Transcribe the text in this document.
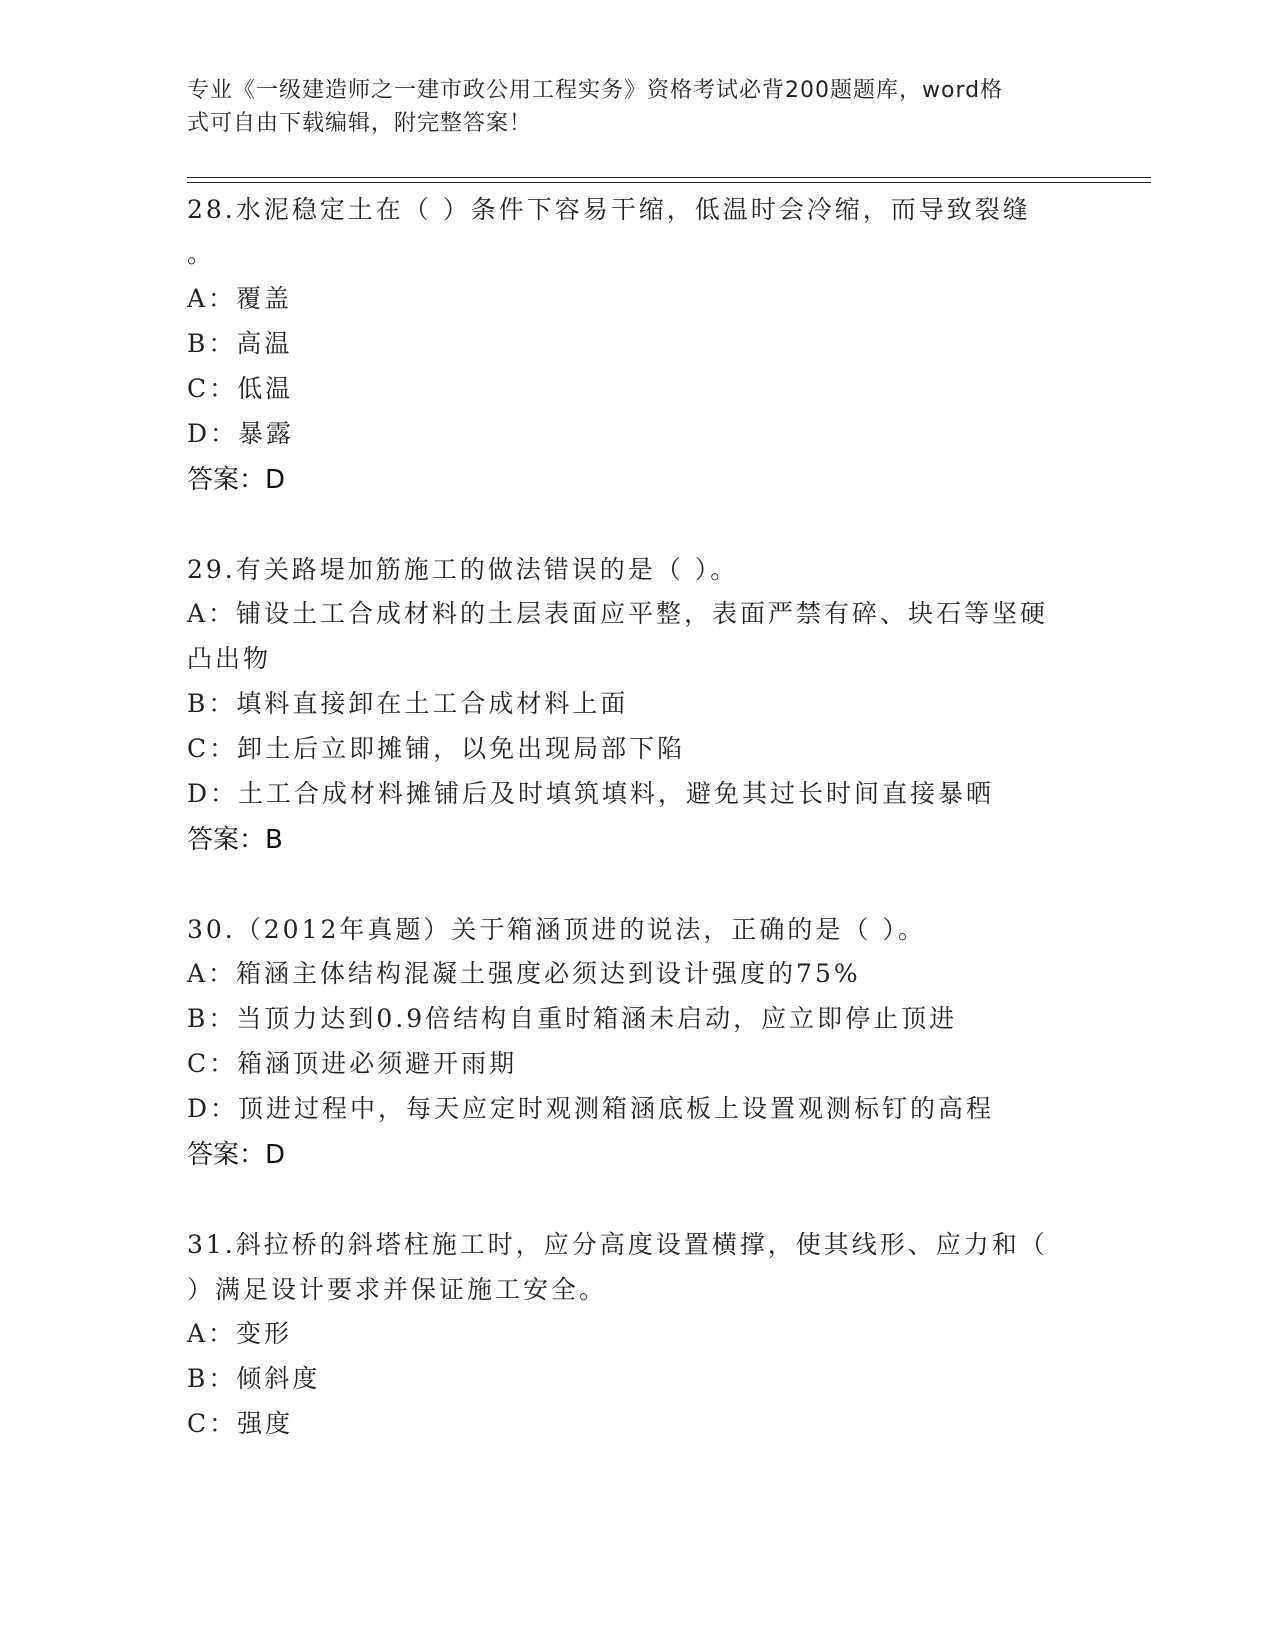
专业《一级建造师之一建市政公用工程实务》资格考试必背200题题库，word格
式可自由下载编辑，附完整答案！
28.水泥稳定土在（ ）条件下容易干缩，低温时会冷缩，而导致裂缝
。
A：覆盖
B：高温
C：低温
D：暴露
答案：D
29.有关路堤加筋施工的做法错误的是（ ）。
A：铺设土工合成材料的土层表面应平整，表面严禁有碎、块石等坚硬
凸出物
B：填料直接卸在土工合成材料上面
C：卸土后立即摊铺，以免出现局部下陷
D：土工合成材料摊铺后及时填筑填料，避免其过长时间直接暴晒
答案：B
30.（2012年真题）关于箱涵顶进的说法，正确的是（ ）。
A：箱涵主体结构混凝土强度必须达到设计强度的75%
B：当顶力达到0.9倍结构自重时箱涵未启动，应立即停止顶进
C：箱涵顶进必须避开雨期
D：顶进过程中，每天应定时观测箱涵底板上设置观测标钉的高程
答案：D
31.斜拉桥的斜塔柱施工时，应分高度设置横撑，使其线形、应力和（
）满足设计要求并保证施工安全。
A：变形
B：倾斜度
C：强度
